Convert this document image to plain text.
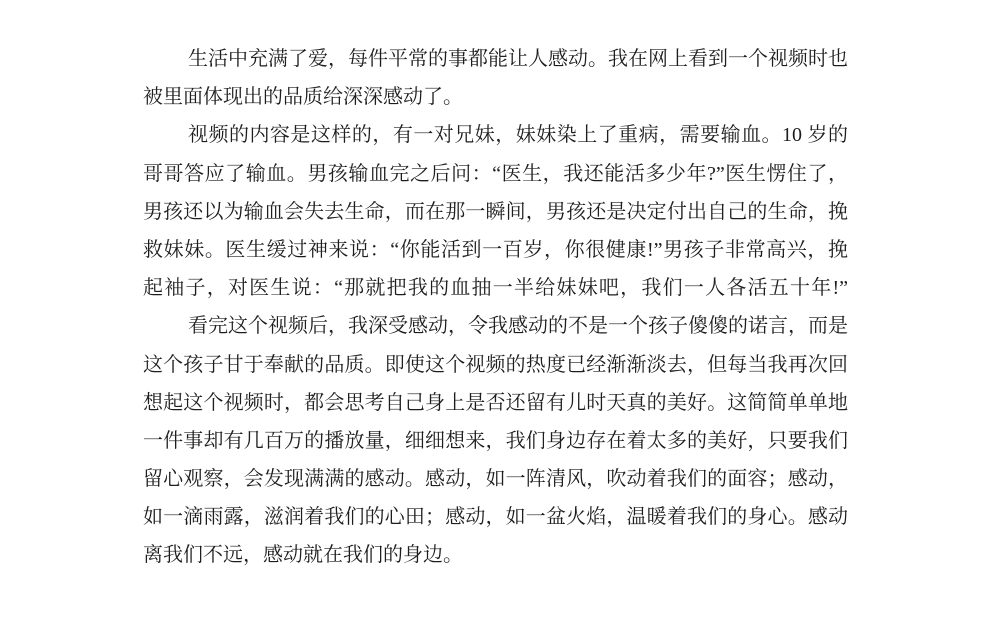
生活中充满了爱，每件平常的事都能让人感动。我在网上看到一个视频时也
被里面体现出的品质给深深感动了。
视频的内容是这样的，有一对兄妹，妹妹染上了重病，需要输血。10 岁的
哥哥答应了输血。男孩输血完之后问：“医生，我还能活多少年?”医生愣住了，
男孩还以为输血会失去生命，而在那一瞬间，男孩还是决定付出自己的生命，挽
救妹妹。医生缓过神来说：“你能活到一百岁，你很健康!”男孩子非常高兴，挽
起袖子，对医生说：“那就把我的血抽一半给妹妹吧，我们一人各活五十年!”
看完这个视频后，我深受感动，令我感动的不是一个孩子傻傻的诺言，而是
这个孩子甘于奉献的品质。即使这个视频的热度已经渐渐淡去，但每当我再次回
想起这个视频时，都会思考自己身上是否还留有儿时天真的美好。这简简单单地
一件事却有几百万的播放量，细细想来，我们身边存在着太多的美好，只要我们
留心观察，会发现满满的感动。感动，如一阵清风，吹动着我们的面容；感动，
如一滴雨露，滋润着我们的心田；感动，如一盆火焰，温暖着我们的身心。感动
离我们不远，感动就在我们的身边。
